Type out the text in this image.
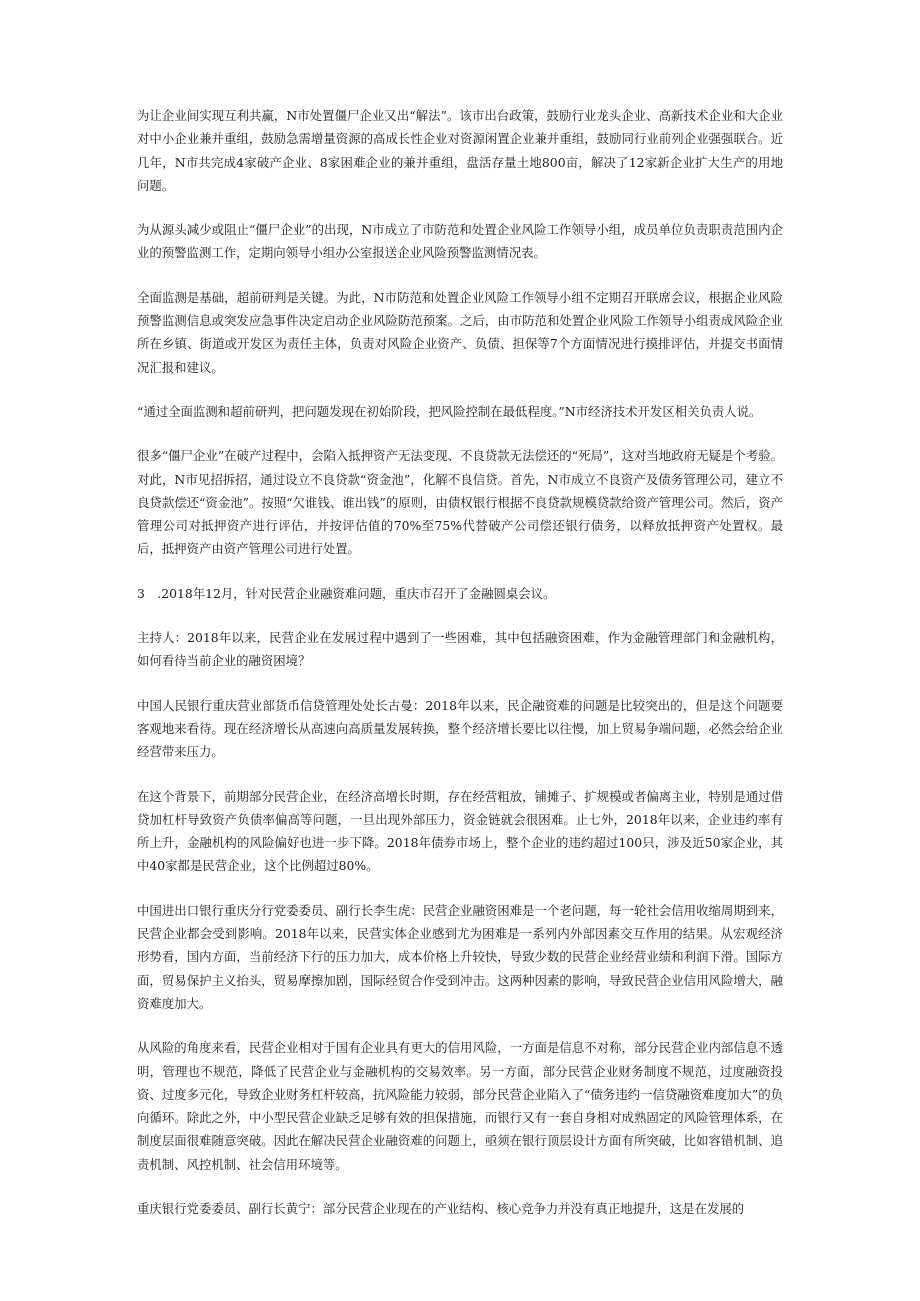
为让企业间实现互利共赢，N市处置僵尸企业又出“解法”。该市出台政策，鼓励行业龙头企业、高新技术企业和大企业对中小企业兼并重组，鼓励急需增量资源的高成长性企业对资源闲置企业兼并重组，鼓励同行业前列企业强强联合。近几年，N市共完成4家破产企业、8家困难企业的兼并重组，盘活存量土地800亩，解决了12家新企业扩大生产的用地问题。

为从源头减少或阻止“僵尸企业”的出现，N市成立了市防范和处置企业风险工作领导小组，成员单位负责职责范围内企业的预警监测工作，定期向领导小组办公室报送企业风险预警监测情况表。

全面监测是基础，超前研判是关键。为此，N市防范和处置企业风险工作领导小组不定期召开联席会议，根据企业风险预警监测信息或突发应急事件决定启动企业风险防范预案。之后，由市防范和处置企业风险工作领导小组责成风险企业所在乡镇、街道或开发区为责任主体，负责对风险企业资产、负债、担保等7个方面情况进行摸排评估，并提交书面情况汇报和建议。

“通过全面监测和超前研判，把问题发现在初始阶段，把风险控制在最低程度。”N市经济技术开发区相关负责人说。

很多“僵尸企业”在破产过程中，会陷入抵押资产无法变现、不良贷款无法偿还的“死局”，这对当地政府无疑是个考验。对此，N市见招拆招，通过设立不良贷款“资金池”，化解不良信贷。首先，N市成立不良资产及债务管理公司，建立不良贷款偿还“资金池”。按照“欠谁钱、谁出钱”的原则，由债权银行根据不良贷款规模贷款给资产管理公司。然后，资产管理公司对抵押资产进行评估，并按评估值的70%至75%代替破产公司偿还银行债务，以释放抵押资产处置权。最后，抵押资产由资产管理公司进行处置。

3　.2018年12月，针对民营企业融资难问题，重庆市召开了金融圆桌会议。

主持人：2018年以来，民营企业在发展过程中遇到了一些困难，其中包括融资困难，作为金融管理部门和金融机构，如何看待当前企业的融资困境？

中国人民银行重庆营业部货币信贷管理处处长古曼：2018年以来，民企融资难的问题是比较突出的，但是这个问题要客观地来看待。现在经济增长从高速向高质量发展转换，整个经济增长要比以往慢，加上贸易争端问题，必然会给企业经营带来压力。

在这个背景下，前期部分民营企业，在经济高增长时期，存在经营粗放，铺摊子、扩规模或者偏离主业，特别是通过借贷加杠杆导致资产负债率偏高等问题，一旦出现外部压力，资金链就会很困难。止七外，2018年以来，企业违约率有所上升，金融机构的风险偏好也进一步下降。2018年债券市场上，整个企业的违约超过100只，涉及近50家企业，其中40家都是民营企业，这个比例超过80%。

中国进出口银行重庆分行党委委员、副行长李生虎：民营企业融资困难是一个老问题，每一轮社会信用收缩周期到来，民营企业都会受到影响。2018年以来，民营实体企业感到尤为困难是一系列内外部因素交互作用的结果。从宏观经济形势看，国内方面，当前经济下行的压力加大，成本价格上升较快，导致少数的民营企业经营业绩和利润下滑。国际方面，贸易保护主义抬头，贸易摩擦加剧，国际经贸合作受到冲击。这两种因素的影响，导致民营企业信用风险增大，融资难度加大。

从风险的角度来看，民营企业相对于国有企业具有更大的信用风险，一方面是信息不对称，部分民营企业内部信息不透明，管理也不规范，降低了民营企业与金融机构的交易效率。另一方面，部分民营企业财务制度不规范，过度融资投资、过度多元化，导致企业财务杠杆较高，抗风险能力较弱，部分民营企业陷入了“债务违约一信贷融资难度加大”的负向循环。除此之外，中小型民营企业缺乏足够有效的担保措施，而银行又有一套自身相对成熟固定的风险管理体系，在制度层面很难随意突破。因此在解决民营企业融资难的问题上，亟须在银行顶层设计方面有所突破，比如容错机制、追责机制、风控机制、社会信用环境等。

重庆银行党委委员、副行长黄宁：部分民营企业现在的产业结构、核心竞争力并没有真正地提升，这是在发展的
